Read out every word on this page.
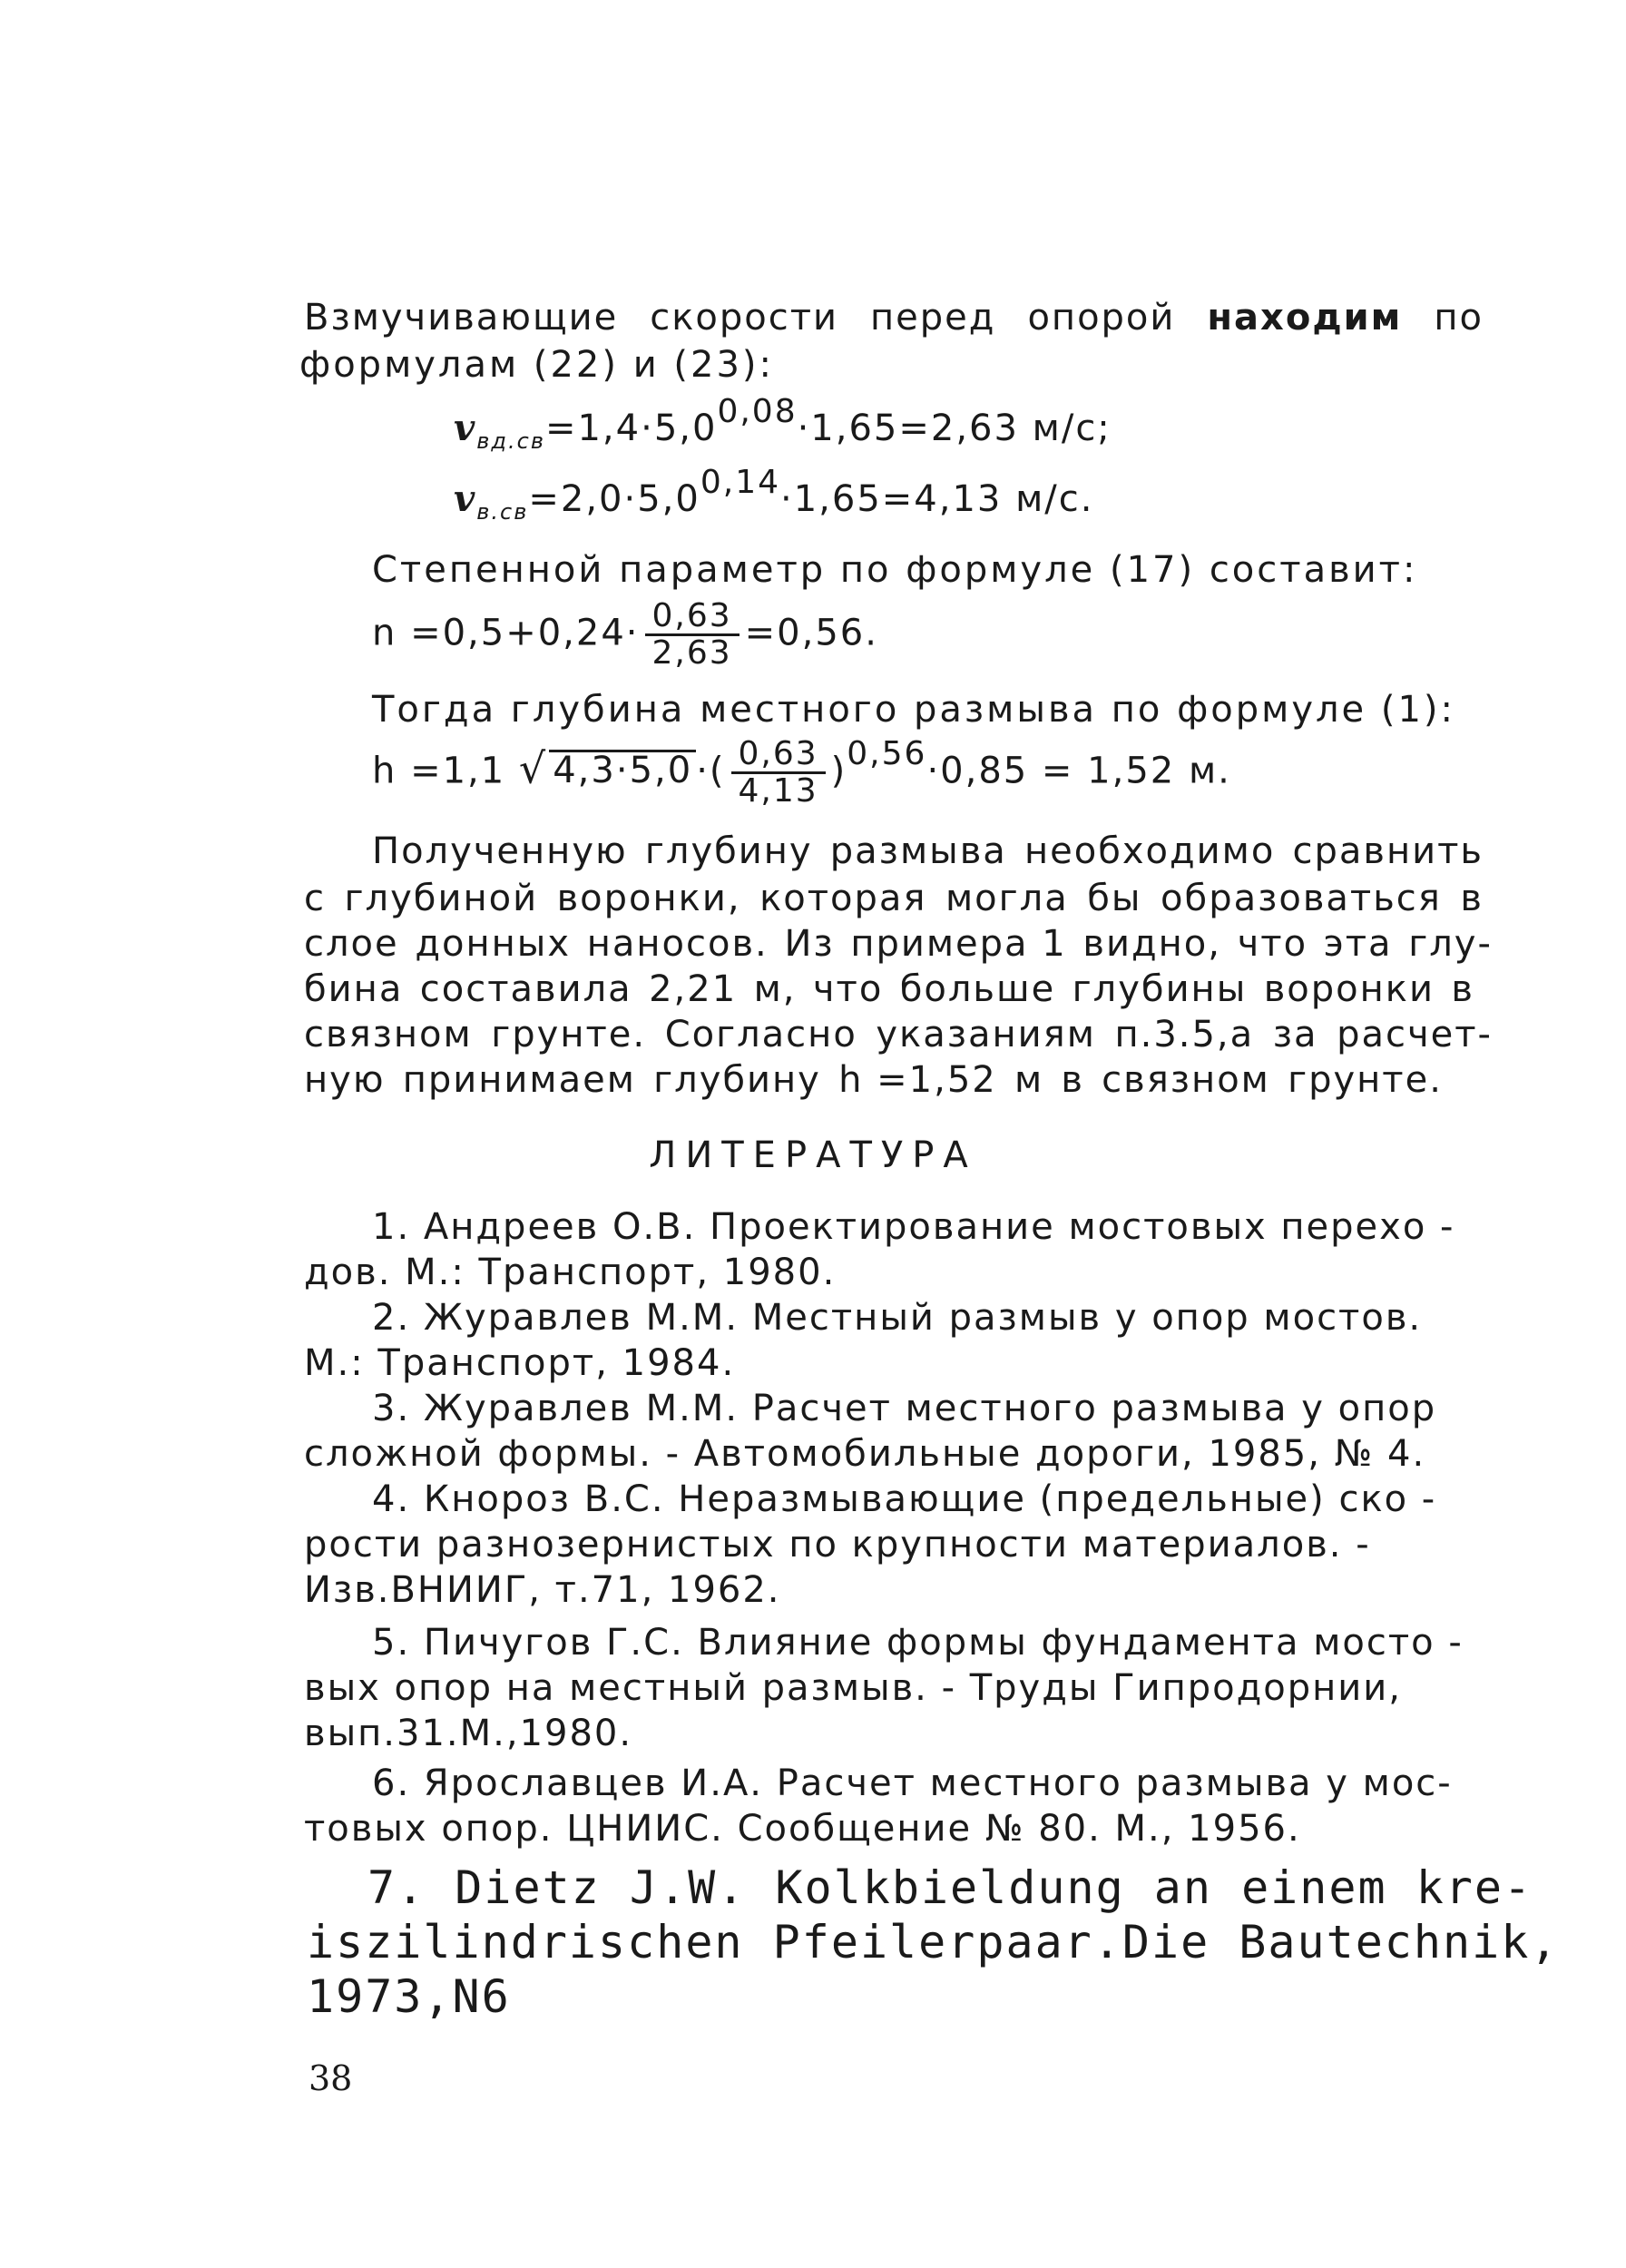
Взмучивающие скорости перед опорой находим по
формулам (22) и (23):
$v_{вд.св}=1,4\cdot 5,0^{0,08}\cdot 1,65=2,63$ м/с;
$v_{в.св}=2,0\cdot 5,0^{0,14}\cdot 1,65=4,13$ м/с.
Степенной параметр по формуле (17) составит:
$n =0,5+0,24\cdot \frac{0,63}{2,63} =0,56$.
Тогда глубина местного размыва по формуле (1):
h =1,1 √ 4,3·5,0 ·( $\frac{0,63}{4,13} )^{0,56}\cdot 0,85 = 1,52$ м.
Полученную глубину размыва необходимо сравнить
с глубиной воронки, которая могла бы образоваться в
слое донных наносов. Из примера 1 видно, что эта глу-
бина составила 2,21 м, что больше глубины воронки в
связном грунте. Согласно указаниям п.3.5,а за расчет-
ную принимаем глубину h =1,52 м в связном грунте.
ЛИТЕРАТУРА
1. Андреев О.В. Проектирование мостовых перехо -
дов. М.: Транспорт, 1980.
2. Журавлев М.М. Местный размыв у опор мостов.
М.: Транспорт, 1984.
3. Журавлев М.М. Расчет местного размыва у опор
сложной формы. - Автомобильные дороги, 1985, № 4.
4. Кнороз В.С. Неразмывающие (предельные) ско -
рости разнозернистых по крупности материалов. -
Изв.ВНИИГ, т.71, 1962.
5. Пичугов Г.С. Влияние формы фундамента мосто -
вых опор на местный размыв. - Труды Гипродорнии,
вып.31.М.,1980.
6. Ярославцев И.А. Расчет местного размыва у мос-
товых опор. ЦНИИС. Сообщение № 80. М., 1956.
7. Dietz J.W. Kolkbieldung an einem kre-
iszilindrischen Pfeilerpaar.Die Bautechnik,
1973,N6
38
